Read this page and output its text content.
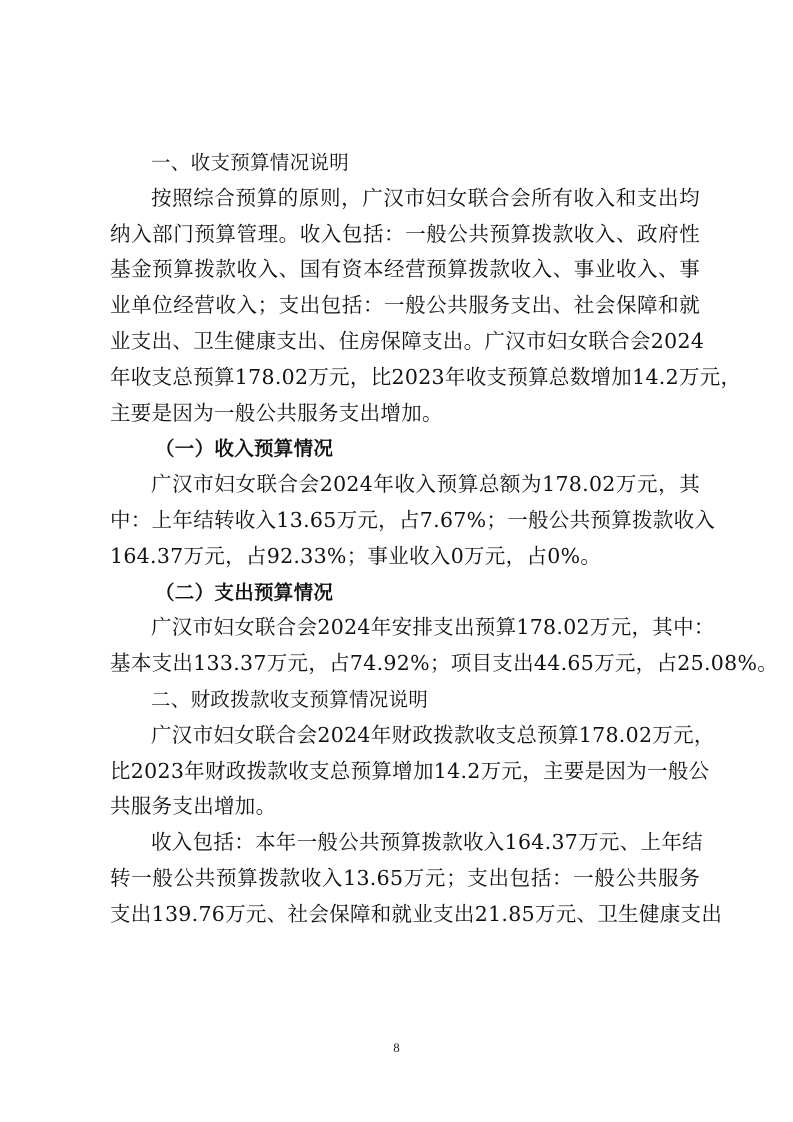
一、收支预算情况说明
按照综合预算的原则，广汉市妇女联合会所有收入和支出均
纳入部门预算管理。收入包括：一般公共预算拨款收入、政府性
基金预算拨款收入、国有资本经营预算拨款收入、事业收入、事
业单位经营收入；支出包括：一般公共服务支出、社会保障和就
业支出、卫生健康支出、住房保障支出。广汉市妇女联合会2024
年收支总预算178.02万元，比2023年收支预算总数增加14.2万元，
主要是因为一般公共服务支出增加。
（一）收入预算情况
广汉市妇女联合会2024年收入预算总额为178.02万元，其
中：上年结转收入13.65万元，占7.67%；一般公共预算拨款收入
164.37万元，占92.33%；事业收入0万元，占0%。
（二）支出预算情况
广汉市妇女联合会2024年安排支出预算178.02万元，其中：
基本支出133.37万元，占74.92%；项目支出44.65万元，占25.08%。
二、财政拨款收支预算情况说明
广汉市妇女联合会2024年财政拨款收支总预算178.02万元，
比2023年财政拨款收支总预算增加14.2万元，主要是因为一般公
共服务支出增加。
收入包括：本年一般公共预算拨款收入164.37万元、上年结
转一般公共预算拨款收入13.65万元；支出包括：一般公共服务
支出139.76万元、社会保障和就业支出21.85万元、卫生健康支出
8
